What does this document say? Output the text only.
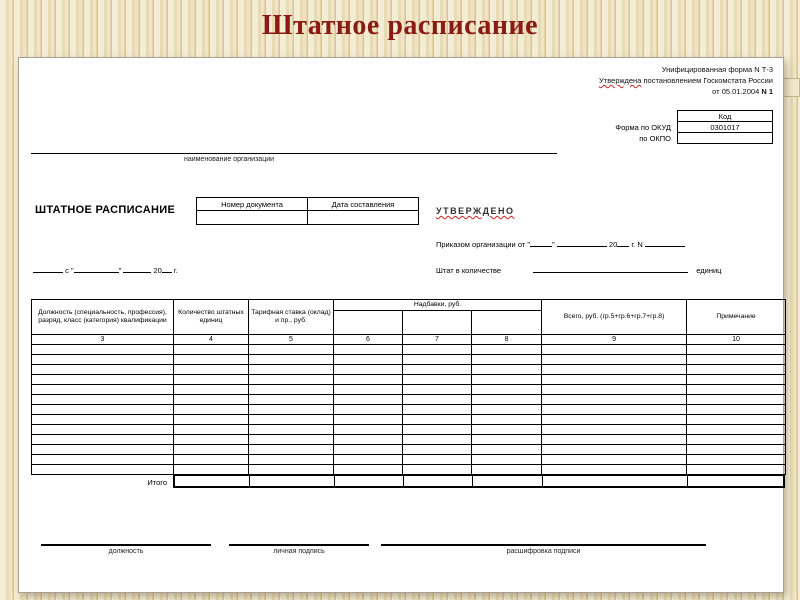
Штатное расписание
Унифицированная форма N Т-3
Утверждена постановлением Госкомстата России
от 05.01.2004 N 1
Код
0301017
Форма по ОКУД
по ОКПО
наименование организации
ШТАТНОЕ РАСПИСАНИЕ	Номер документа	Дата составления

УТВЕРЖДЕНО
Приказом организации от "	"	20 г. N
с "	"	20 г.	Штат в количестве	единиц
Должность (специальность, профессия), разряд, класс (категория) квалификации	Количество штатных единиц	Тарифная ставка (оклад) и пр., руб.	Надбавки, руб.			Всего, руб. (гр.5+гр.6+гр.7+гр.8)	Примечание

3	4	5	6	7	8	9	10

Итого
должность	личная подпись	расшифровка подписи
